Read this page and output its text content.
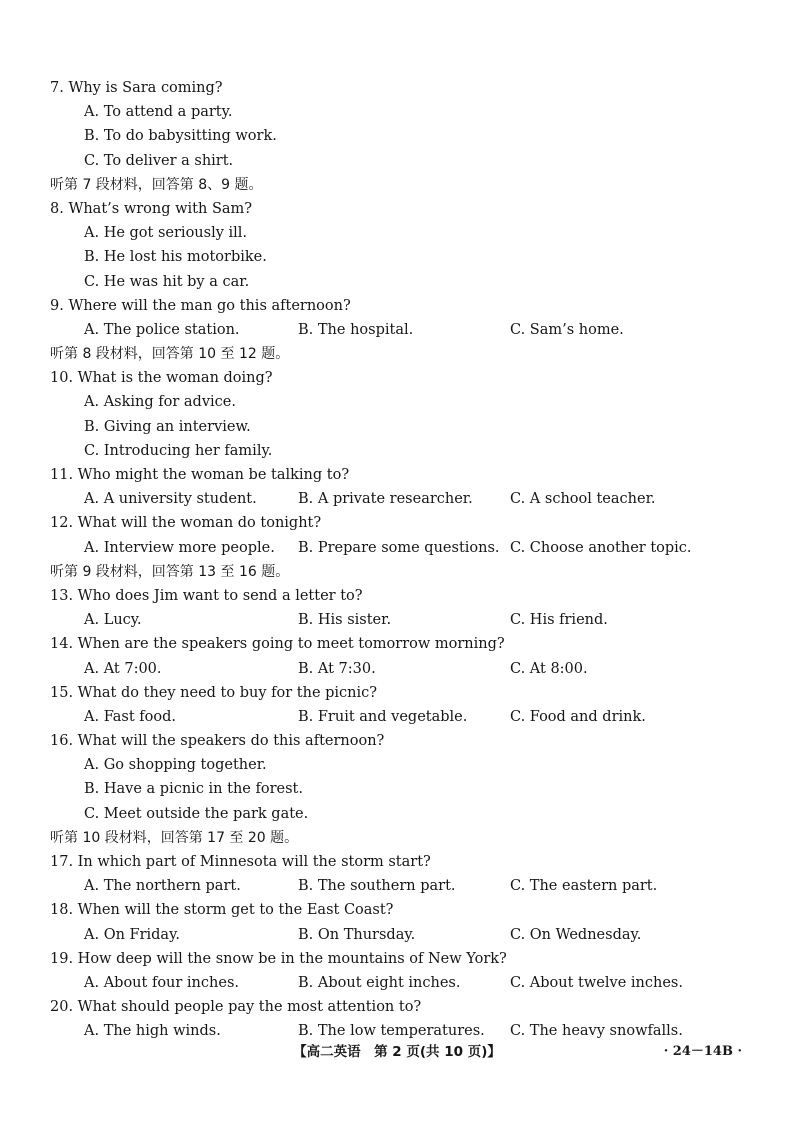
7. Why is Sara coming?
A. To attend a party.
B. To do babysitting work.
C. To deliver a shirt.
听第 7 段材料，回答第 8、9 题。
8. What’s wrong with Sam?
A. He got seriously ill.
B. He lost his motorbike.
C. He was hit by a car.
9. Where will the man go this afternoon?
A. The police station.	B. The hospital.	C. Sam’s home.
听第 8 段材料，回答第 10 至 12 题。
10. What is the woman doing?
A. Asking for advice.
B. Giving an interview.
C. Introducing her family.
11. Who might the woman be talking to?
A. A university student.	B. A private researcher.	C. A school teacher.
12. What will the woman do tonight?
A. Interview more people. B. Prepare some questions. C. Choose another topic.
听第 9 段材料，回答第 13 至 16 题。
13. Who does Jim want to send a letter to?
A. Lucy.	B. His sister.	C. His friend.
14. When are the speakers going to meet tomorrow morning?
A. At 7:00.	B. At 7:30.	C. At 8:00.
15. What do they need to buy for the picnic?
A. Fast food.	B. Fruit and vegetable.	C. Food and drink.
16. What will the speakers do this afternoon?
A. Go shopping together.
B. Have a picnic in the forest.
C. Meet outside the park gate.
听第 10 段材料，回答第 17 至 20 题。
17. In which part of Minnesota will the storm start?
A. The northern part.	B. The southern part.	C. The eastern part.
18. When will the storm get to the East Coast?
A. On Friday.	B. On Thursday.	C. On Wednesday.
19. How deep will the snow be in the mountains of New York?
A. About four inches.	B. About eight inches.	C. About twelve inches.
20. What should people pay the most attention to?
A. The high winds.	B. The low temperatures. C. The heavy snowfalls.
【高二英语　第 2 页(共 10 页)】	· 24－14B ·
